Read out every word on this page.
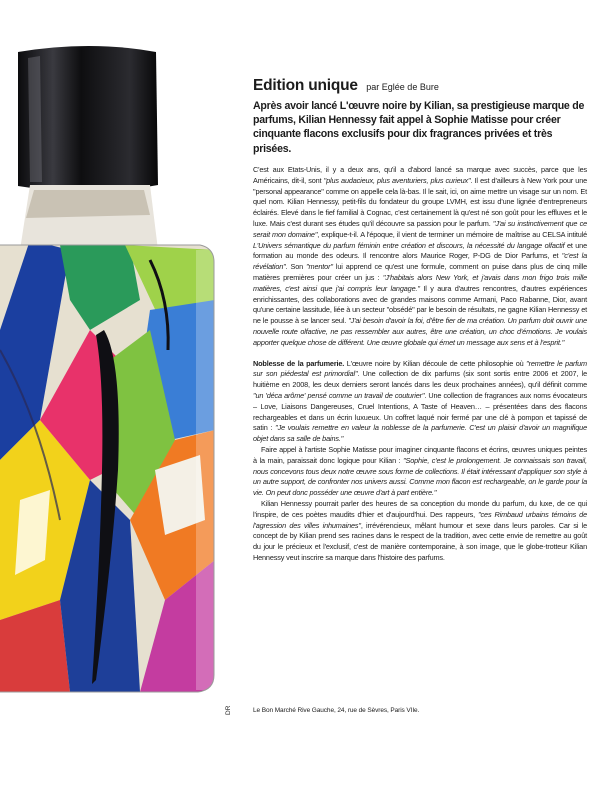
Edition unique par Eglée de Bure
Après avoir lancé L'œuvre noire by Kilian, sa prestigieuse marque de parfums, Kilian Hennessy fait appel à Sophie Matisse pour créer cinquante flacons exclusifs pour dix fragrances privées et très prisées.

C'est aux Etats-Unis, il y a deux ans, qu'il a d'abord lancé sa marque avec succès, parce que les Américains, dit-il, sont "plus audacieux, plus aventuriers, plus curieux". Il est d'ailleurs à New York pour une "personal appearance" comme on appelle cela là-bas. Il le sait, ici, on aime mettre un visage sur un nom. Et quel nom. Kilian Hennessy, petit-fils du fondateur du groupe LVMH, est issu d'une lignée d'entrepreneurs éclairés. Elevé dans le fief familial à Cognac, c'est certainement là qu'est né son goût pour les effluves et le luxe. Mais c'est durant ses études qu'il découvre sa passion pour le parfum. "J'ai su instinctivement que ce serait mon domaine", explique-t-il. A l'époque, il vient de terminer un mémoire de maîtrise au CELSA intitulé L'Univers sémantique du parfum féminin entre création et discours, la nécessité du langage olfactif et une formation au monde des odeurs. Il rencontre alors Maurice Roger, P-DG de Dior Parfums, et "c'est la révélation". Son "mentor" lui apprend ce qu'est une formule, comment on puise dans plus de cinq mille matières premières pour créer un jus : "J'habitais alors New York, et j'avais dans mon frigo trois mille matières, c'est ainsi que j'ai compris leur langage." Il y aura d'autres rencontres, d'autres expériences enrichissantes, des collaborations avec de grandes maisons comme Armani, Paco Rabanne, Dior, avant qu'une certaine lassitude, liée à un secteur "obsédé" par le besoin de résultats, ne gagne Kilian Hennessy et ne le pousse à se lancer seul. "J'ai besoin d'avoir la foi, d'être fier de ma création. Un parfum doit ouvrir une nouvelle route olfactive, ne pas ressembler aux autres, être une création, un choc d'émotions. Je voulais apporter quelque chose de différent. Une œuvre globale qui émet un message aux sens et à l'esprit."

Noblesse de la parfumerie. L'œuvre noire by Kilian découle de cette philosophie où "remettre le parfum sur son piédestal est primordial". Une collection de dix parfums (six sont sortis entre 2006 et 2007, le huitième en 2008, les deux derniers seront lancés dans les deux prochaines années), qu'il définit comme "un 'déca arôme' pensé comme un travail de couturier". Une collection de fragrances aux noms évocateurs – Love, Liaisons Dangereuses, Cruel Intentions, A Taste of Heaven… – présentées dans des flacons rechargeables et dans un écrin luxueux. Un coffret laqué noir fermé par une clé à pompon et tapissé de satin : "Je voulais remettre en valeur la noblesse de la parfumerie. C'est un plaisir d'avoir un magnifique objet dans sa salle de bains."

Faire appel à l'artiste Sophie Matisse pour imaginer cinquante flacons et écrins, œuvres uniques peintes à la main, paraissait donc logique pour Kilian : "Sophie, c'est le prolongement. Je connaissais son travail, nous concevons tous deux notre œuvre sous forme de collections. Il était intéressant d'appliquer son style à un autre support, de confronter nos univers aussi. Comme mon flacon est rechargeable, on le garde pour la vie. On peut donc posséder une œuvre d'art à part entière."

Kilian Hennessy pourrait parler des heures de sa conception du monde du parfum, du luxe, de ce qui l'inspire, de ces poètes maudits d'hier et d'aujourd'hui. Des rappeurs, "ces Rimbaud urbains témoins de l'agression des villes inhumaines", irrévérencieux, mêlant humour et sexe dans leurs paroles. Car si le concept de by Kilian prend ses racines dans le respect de la tradition, avec cette envie de remettre au goût du jour le précieux et l'exclusif, c'est de manière contemporaine, à son image, que le globe-trotteur Kilian Hennessy veut inscrire sa marque dans l'histoire des parfums.

DR	Le Bon Marché Rive Gauche, 24, rue de Sèvres, Paris VIIe.
